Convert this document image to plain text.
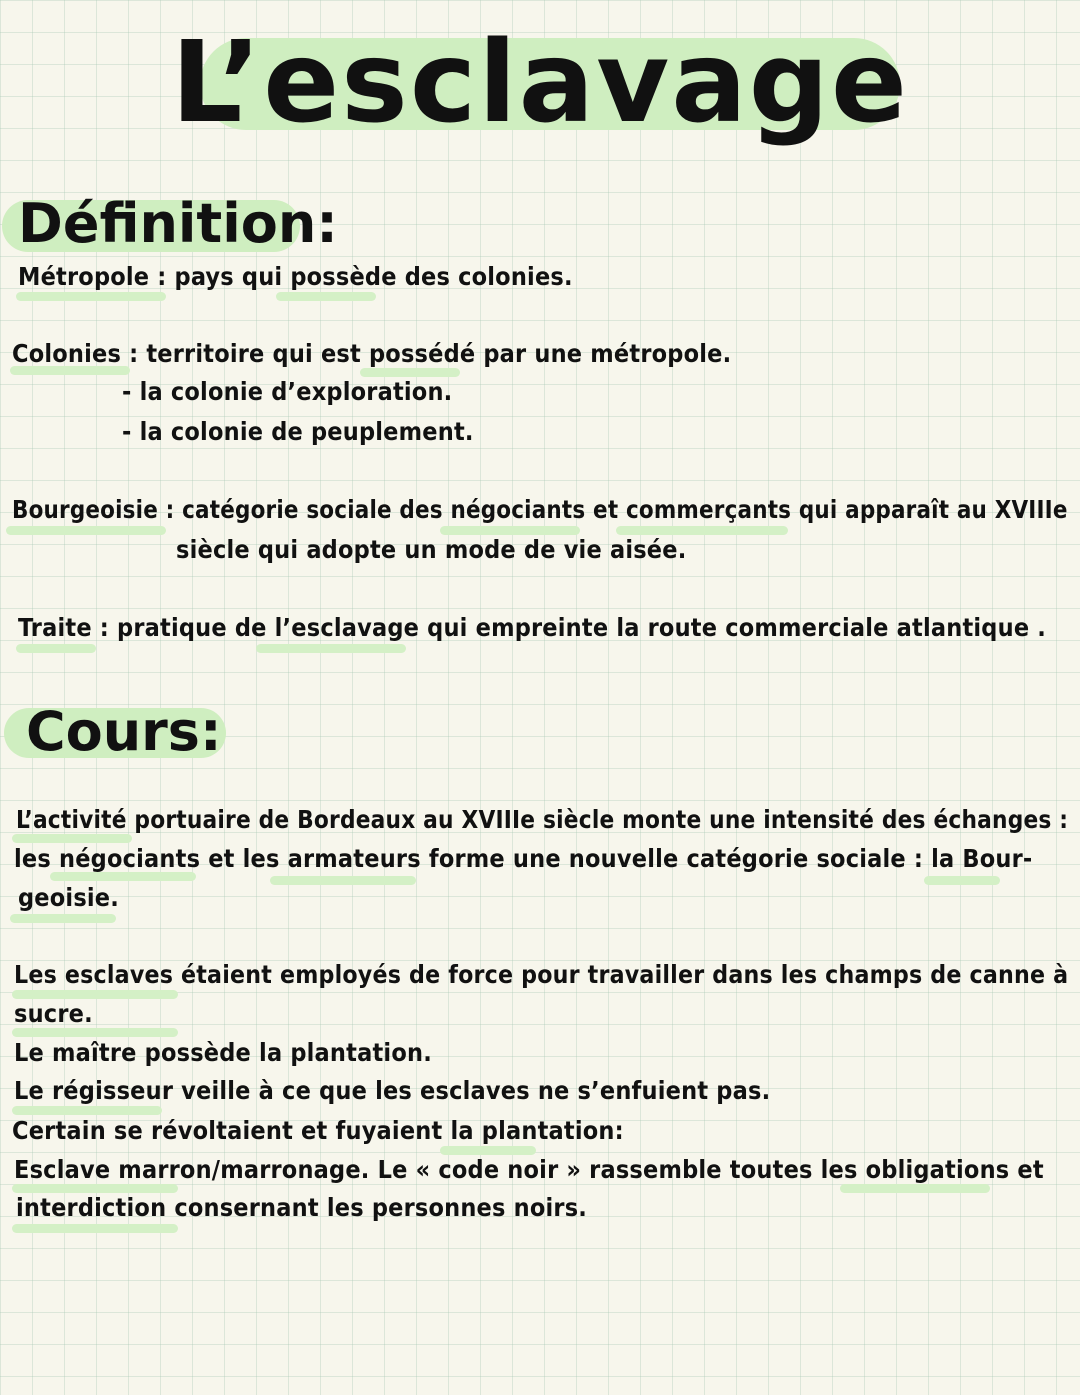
L’esclavage
Définition:
Métropole : pays qui possède des colonies.
Colonies : territoire qui est possédé par une métropole.
- la colonie d’exploration.
- la colonie de peuplement.
Bourgeoisie : catégorie sociale des négociants et commerçants qui apparaît au XVIIIe
siècle qui adopte un mode de vie aisée.
Traite : pratique de l’esclavage qui empreinte la route commerciale atlantique .
Cours:
L’activité portuaire de Bordeaux au XVIIIe siècle monte une intensité des échanges :
les négociants et les armateurs forme une nouvelle catégorie sociale : la Bour-
geoisie.
Les esclaves étaient employés de force pour travailler dans les champs de canne à
sucre.
Le maître possède la plantation.
Le régisseur veille à ce que les esclaves ne s’enfuient pas.
Certain se révoltaient et fuyaient la plantation:
Esclave marron/marronage. Le « code noir » rassemble toutes les obligations et
interdiction consernant les personnes noirs.
